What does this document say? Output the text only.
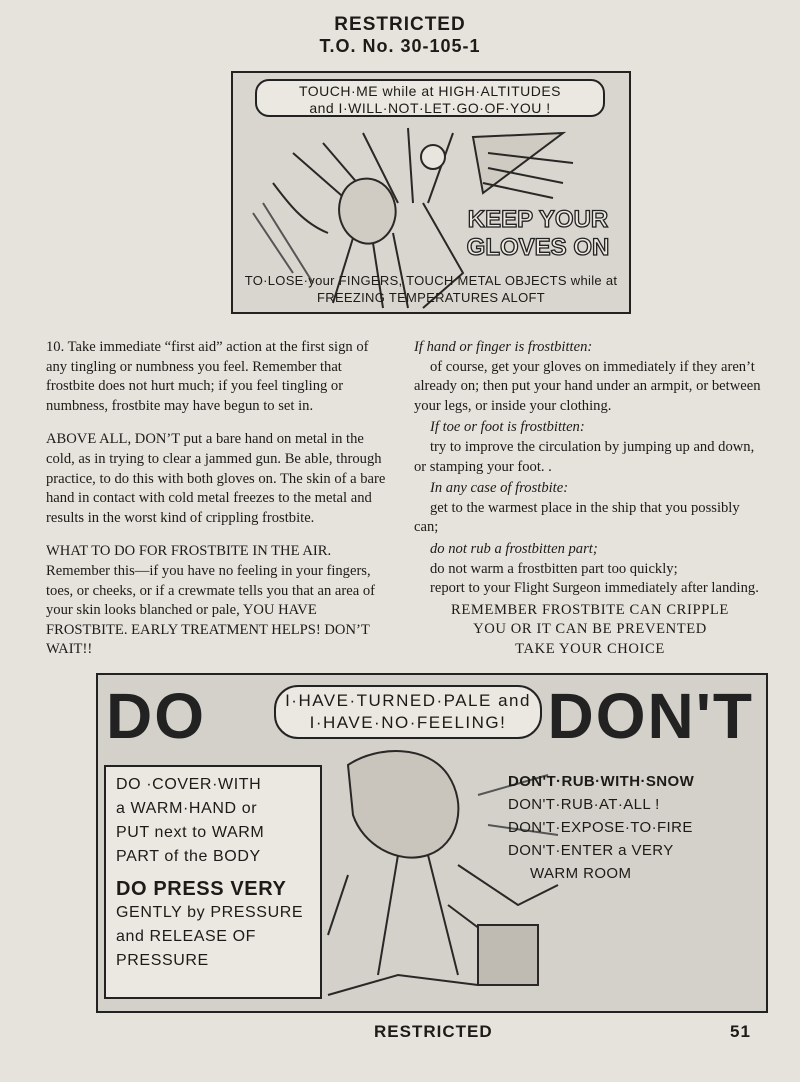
RESTRICTED
T.O. No. 30-105-1
TOUCH·ME while at HIGH·ALTITUDES
and I·WILL·NOT·LET·GO·OF·YOU !
KEEP YOUR
GLOVES ON
TO·LOSE·your FINGERS, TOUCH METAL OBJECTS while at
FREEZING TEMPERATURES ALOFT

10. Take immediate “first aid” action at the first sign of any tingling or numbness you feel. Remember that frostbite does not hurt much; if you feel tingling or numbness, frostbite may have begun to set in.

ABOVE ALL, DON’T put a bare hand on metal in the cold, as in trying to clear a jammed gun. Be able, through practice, to do this with both gloves on. The skin of a bare hand in contact with cold metal freezes to the metal and results in the worst kind of crippling frostbite.

WHAT TO DO FOR FROSTBITE IN THE AIR. Remember this—if you have no feeling in your fingers, toes, or cheeks, or if a crewmate tells you that an area of your skin looks blanched or pale, YOU HAVE FROSTBITE. EARLY TREATMENT HELPS! DON’T WAIT!!

If hand or finger is frostbitten:

of course, get your gloves on immediately if they aren’t already on; then put your hand under an armpit, or between your legs, or inside your clothing.

If toe or foot is frostbitten:

try to improve the circulation by jumping up and down, or stamping your foot. .

In any case of frostbite:

get to the warmest place in the ship that you possibly can;

do not rub a frostbitten part;

do not warm a frostbitten part too quickly;

report to your Flight Surgeon immediately after landing.

REMEMBER FROSTBITE CAN CRIPPLE

YOU OR IT CAN BE PREVENTED

TAKE YOUR CHOICE

DO	DON'T
I·HAVE·TURNED·PALE and
I·HAVE·NO·FEELING!
DO ·COVER·WITH
a WARM·HAND or
PUT next to WARM
PART of the BODY
DO PRESS VERY
GENTLY by PRESSURE
and RELEASE OF
PRESSURE
DON'T·RUB·WITH·SNOW
DON'T·RUB·AT·ALL !
DON'T·EXPOSE·TO·FIRE
DON'T·ENTER a VERY
WARM ROOM
RESTRICTED	51
